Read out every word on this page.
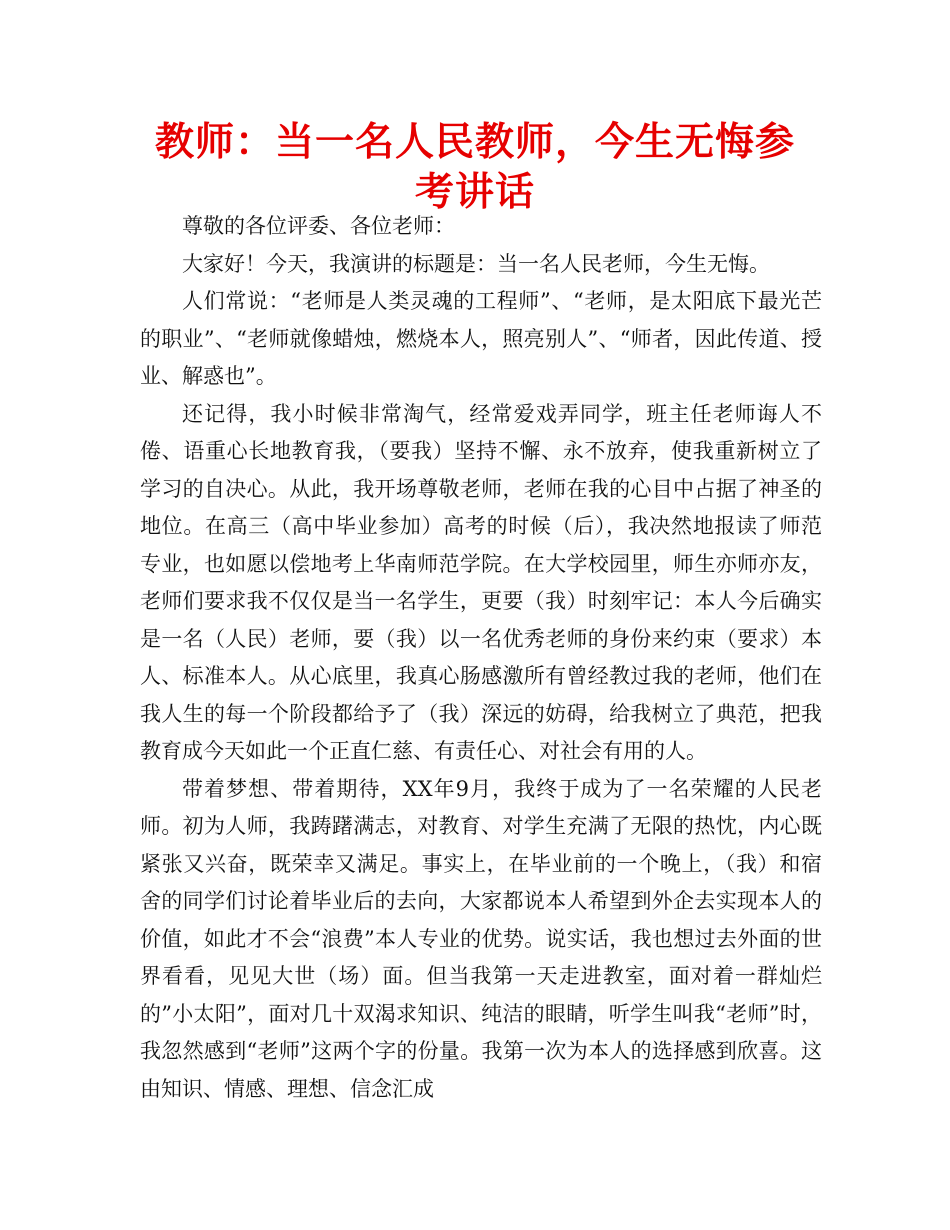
教师：当一名人民教师，今生无悔参考讲话

尊敬的各位评委、各位老师：

大家好！今天，我演讲的标题是：当一名人民老师，今生无悔。

人们常说：“老师是人类灵魂的工程师”、“老师，是太阳底下最光芒的职业”、“老师就像蜡烛，燃烧本人，照亮别人”、“师者，因此传道、授业、解惑也”。

还记得，我小时候非常淘气，经常爱戏弄同学，班主任老师诲人不倦、语重心长地教育我，（要我）坚持不懈、永不放弃，使我重新树立了学习的自决心。从此，我开场尊敬老师，老师在我的心目中占据了神圣的地位。在高三（高中毕业参加）高考的时候（后），我决然地报读了师范专业，也如愿以偿地考上华南师范学院。在大学校园里，师生亦师亦友，老师们要求我不仅仅是当一名学生，更要（我）时刻牢记：本人今后确实是一名（人民）老师，要（我）以一名优秀老师的身份来约束（要求）本人、标准本人。从心底里，我真心肠感激所有曾经教过我的老师，他们在我人生的每一个阶段都给予了（我）深远的妨碍，给我树立了典范，把我教育成今天如此一个正直仁慈、有责任心、对社会有用的人。

带着梦想、带着期待，XX年9月，我终于成为了一名荣耀的人民老师。初为人师，我踌躇满志，对教育、对学生充满了无限的热忱，内心既紧张又兴奋，既荣幸又满足。事实上，在毕业前的一个晚上，（我）和宿舍的同学们讨论着毕业后的去向，大家都说本人希望到外企去实现本人的价值，如此才不会“浪费”本人专业的优势。说实话，我也想过去外面的世界看看，见见大世（场）面。但当我第一天走进教室，面对着一群灿烂的”小太阳”，面对几十双渴求知识、纯洁的眼睛，听学生叫我“老师”时，我忽然感到“老师”这两个字的份量。我第一次为本人的选择感到欣喜。这由知识、情感、理想、信念汇成
